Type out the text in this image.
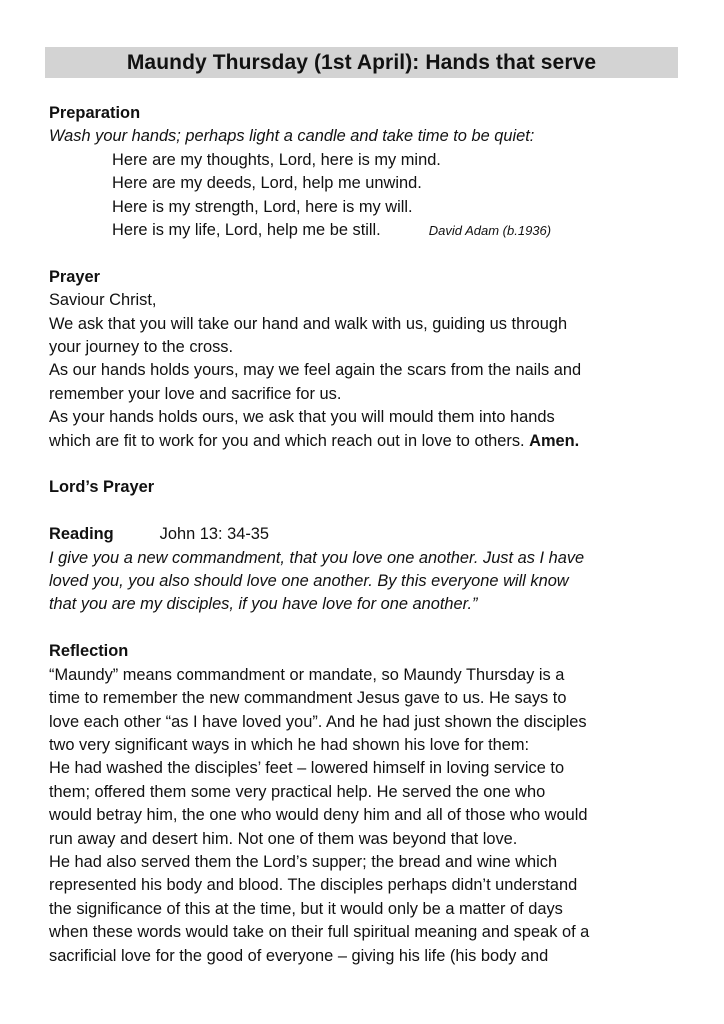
Maundy Thursday (1st April): Hands that serve
Preparation
Wash your hands; perhaps light a candle and take time to be quiet:
Here are my thoughts, Lord, here is my mind.
Here are my deeds, Lord, help me unwind.
Here is my strength, Lord, here is my will.
Here is my life, Lord, help me be still.	David Adam (b.1936)
Prayer
Saviour Christ,
We ask that you will take our hand and walk with us, guiding us through
your journey to the cross.
As our hands holds yours, may we feel again the scars from the nails and
remember your love and sacrifice for us.
As your hands holds ours, we ask that you will mould them into hands
which are fit to work for you and which reach out in love to others. Amen.
Lord’s Prayer
Reading	John 13: 34-35
I give you a new commandment, that you love one another. Just as I have
loved you, you also should love one another. By this everyone will know
that you are my disciples, if you have love for one another.”
Reflection
“Maundy” means commandment or mandate, so Maundy Thursday is a
time to remember the new commandment Jesus gave to us. He says to
love each other “as I have loved you”. And he had just shown the disciples
two very significant ways in which he had shown his love for them:
He had washed the disciples’ feet – lowered himself in loving service to
them; offered them some very practical help. He served the one who
would betray him, the one who would deny him and all of those who would
run away and desert him. Not one of them was beyond that love.
He had also served them the Lord’s supper; the bread and wine which
represented his body and blood. The disciples perhaps didn’t understand
the significance of this at the time, but it would only be a matter of days
when these words would take on their full spiritual meaning and speak of a
sacrificial love for the good of everyone – giving his life (his body and
